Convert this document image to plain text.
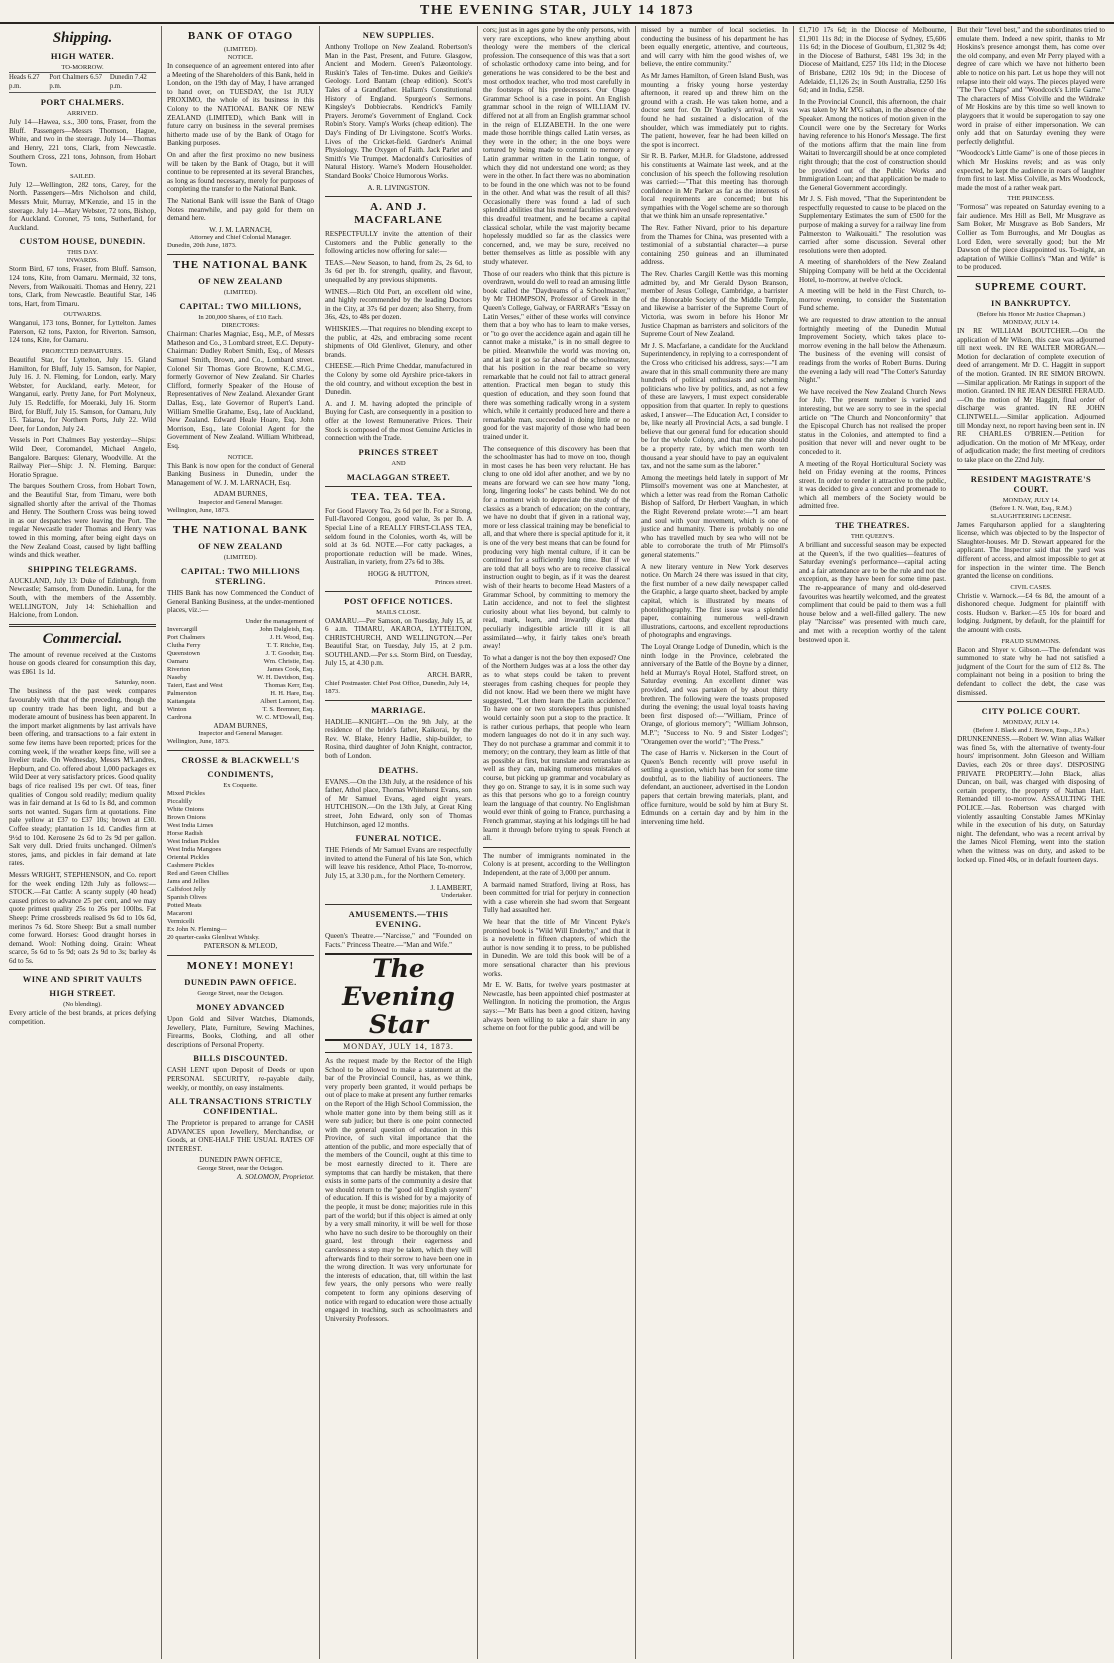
THE EVENING STAR, JULY 14 1873
Shipping.
HIGH WATER.
TO-MORROW.
Heads 6.27 p.m.
Port Chalmers 6.57 p.m.
Dunedin 7.42 p.m.
PORT CHALMERS.
ARRIVED.

July 14—Hawea, s.s., 300 tons, Fraser, from the Bluff. Passengers—Messrs Thomson, Hague, White, and two in the steerage. July 14—Thomas and Henry, 221 tons, Clark, from Newcastle. Southern Cross, 221 tons, Johnson, from Hobart Town.

SAILED.

July 12—Wellington, 282 tons, Carey, for the North. Passengers—Mrs Nicholson and child, Messrs Muir, Murray, M'Kenzie, and 15 in the steerage. July 14—Mary Webster, 72 tons, Bishop, for Auckland. Coronet, 75 tons, Sutherland, for Auckland.

CUSTOM HOUSE, DUNEDIN.
THIS DAY.
INWARDS.

Storm Bird, 67 tons, Fraser, from Bluff. Samson, 124 tons, Kite, from Oamaru. Mermaid, 32 tons, Nevers, from Waikouaiti. Thomas and Henry, 221 tons, Clark, from Newcastle. Beautiful Star, 146 tons, Hart, from Timaru.

OUTWARDS.

Wanganui, 173 tons, Bonner, for Lyttelton. James Paterson, 62 tons, Paxton, for Riverton. Samson, 124 tons, Kite, for Oamaru.

PROJECTED DEPARTURES.

Beautiful Star, for Lyttelton, July 15. Gland Hamilton, for Bluff, July 15. Samson, for Napier, July 16. J. N. Fleming, for London, early. Mary Webster, for Auckland, early. Meteor, for Wanganui, early. Pretty Jane, for Port Molyneux, July 15. Redcliffe, for Moeraki, July 16. Storm Bird, for Bluff, July 15. Samson, for Oamaru, July 15. Taiaroa, for Northern Ports, July 22. Wild Deer, for London, July 24.

Vessels in Port Chalmers Bay yesterday—Ships: Wild Deer, Coromandel, Michael Angelo, Bangalore. Barques: Glenary, Woodville. At the Railway Pier—Ship: J. N. Fleming. Barque: Horatio Sprague.

The barques Southern Cross, from Hobart Town, and the Beautiful Star, from Timaru, were both signalled shortly after the arrival of the Thomas and Henry. The Southern Cross was being towed in as our despatches were leaving the Port. The regular Newcastle trader Thomas and Henry was towed in this morning, after being eight days on the New Zealand Coast, caused by light baffling winds and thick weather.

SHIPPING TELEGRAMS.

AUCKLAND, July 13: Duke of Edinburgh, from Newcastle; Samson, from Dunedin. Luna, for the South, with the members of the Assembly. WELLINGTON, July 14: Schiehallion and Halcione, from London.

Commercial.

The amount of revenue received at the Customs house on goods cleared for consumption this day, was £861 1s 1d.

Saturday, noon.

The business of the past week compares favourably with that of the preceding, though the up country trade has been light, and but a moderate amount of business has been apparent. In the import market alignments by last arrivals have been offering, and transactions to a fair extent in some few items have been reported; prices for the coming week, if the weather keeps fine, will see a livelier trade. On Wednesday, Messrs M'Landres, Hepburn, and Co. offered about 1,000 packages ex Wild Deer at very satisfactory prices. Good quality bags of rice realised 19s per cwt. Of teas, finer qualities of Congou sold readily; medium quality was in fair demand at 1s 6d to 1s 8d, and common sorts not wanted. Sugars firm at quotations. Fine pale yellow at £37 to £37 10s; brown at £30. Coffee steady; plantation 1s 1d. Candles firm at 9½d to 10d. Kerosene 2s 6d to 2s 9d per gallon. Salt very dull. Dried fruits unchanged. Oilmen's stores, jams, and pickles in fair demand at late rates.

Messrs WRIGHT, STEPHENSON, and Co. report for the week ending 12th July as follows:—STOCK.—Fat Cattle: A scanty supply (40 head) caused prices to advance 25 per cent, and we may quote primest quality 25s to 26s per 100lbs. Fat Sheep: Prime crossbreds realised 9s 6d to 10s 6d, merinos 7s 6d. Store Sheep: But a small number come forward. Horses: Good draught horses in demand. Wool: Nothing doing. Grain: Wheat scarce, 5s 6d to 5s 9d; oats 2s 9d to 3s; barley 4s 6d to 5s.

WINE AND SPIRIT VAULTS
HIGH STREET.
(No blending).

Every article of the best brands, at prices defying competition.

BANK OF OTAGO
(LIMITED).
NOTICE.

In consequence of an agreement entered into after a Meeting of the Shareholders of this Bank, held in London, on the 19th day of May, I have arranged to hand over, on TUESDAY, the 1st JULY PROXIMO, the whole of its business in this Colony to the NATIONAL BANK OF NEW ZEALAND (LIMITED), which Bank will in future carry on business in the several premises hitherto made use of by the Bank of Otago for Banking purposes.

On and after the first proximo no new business will be taken by the Bank of Otago, but it will continue to be represented at its several Branches, as long as found necessary, merely for purposes of completing the transfer to the National Bank.

The National Bank will issue the Bank of Otago Notes meanwhile, and pay gold for them on demand here.

W. J. M. LARNACH,
Attorney and Chief Colonial Manager.
Dunedin, 20th June, 1873.
THE NATIONAL BANK
OF NEW ZEALAND
(LIMITED).
CAPITAL: TWO MILLIONS,
In 200,000 Shares, of £10 Each.
DIRECTORS:

Chairman: Charles Magniac, Esq., M.P., of Messrs Matheson and Co., 3 Lombard street, E.C. Deputy-Chairman: Dudley Robert Smith, Esq., of Messrs Samuel Smith, Brown, and Co., Lombard street. Colonel Sir Thomas Gore Browne, K.C.M.G., formerly Governor of New Zealand. Sir Charles Clifford, formerly Speaker of the House of Representatives of New Zealand. Alexander Grant Dallas, Esq., late Governor of Rupert's Land. William Smellie Grahame, Esq., late of Auckland, New Zealand. Edward Heale Hoare, Esq. John Morrison, Esq., late Colonial Agent for the Government of New Zealand. William Whitbread, Esq.

NOTICE.

This Bank is now open for the conduct of General Banking Business in Dunedin, under the Management of W. J. M. LARNACH, Esq.

ADAM BURNES,
Inspector and General Manager.
Wellington, June, 1873.
THE NATIONAL BANK
OF NEW ZEALAND
(LIMITED).
CAPITAL: TWO MILLIONS STERLING.

THIS Bank has now Commenced the Conduct of General Banking Business, at the under-mentioned places, viz.:—

Under the management of
Invercargill	John Dalgleish, Esq.
Port Chalmers	J. H. Wood, Esq.
Clutha Ferry	T. T. Ritchie, Esq.
Queenstown	J. T. Goodsir, Esq.
Oamaru	Wm. Christie, Esq.
Riverton	James Cook, Esq.
Naseby	W. H. Davidson, Esq.
Taieri, East and West	Thomas Kerr, Esq.
Palmerston	H. H. Hare, Esq.
Kaitangata	Albert Lamont, Esq.
Winton	T. S. Bremner, Esq.
Cardrona	W. C. M'Dowall, Esq.
ADAM BURNES,
Inspector and General Manager.
Wellington, June, 1873.
CROSSE & BLACKWELL'S
CONDIMENTS,
Ex Coquette.
Mixed Pickles
Piccalilly
White Onions
Brown Onions
West India Limes
Horse Radish
West Indian Pickles
West India Mangoes
Oriental Pickles
Cashmere Pickles
Red and Green Chillies
Jams and Jellies
Calfsfoot Jelly
Spanish Olives
Potted Meats
Macaroni
Vermicelli
Ex John N. Fleming—
20 quarter-casks Glenlivat Whisky.
PATERSON & M'LEOD,
MONEY! MONEY!
DUNEDIN PAWN OFFICE.
George Street, near the Octagon.
MONEY ADVANCED

Upon Gold and Silver Watches, Diamonds, Jewellery, Plate, Furniture, Sewing Machines, Firearms, Books, Clothing, and all other descriptions of Personal Property.

BILLS DISCOUNTED.

CASH LENT upon Deposit of Deeds or upon PERSONAL SECURITY, re-payable daily, weekly, or monthly, on easy instalments.

ALL TRANSACTIONS STRICTLY CONFIDENTIAL.

The Proprietor is prepared to arrange for CASH ADVANCES upon Jewellery, Merchandise, or Goods, at ONE-HALF THE USUAL RATES OF INTEREST.

DUNEDIN PAWN OFFICE,
George Street, near the Octagon.
A. SOLOMON, Proprietor.
NEW SUPPLIES.

Anthony Trollope on New Zealand. Robertson's Man in the Past, Present, and Future. Glasgow, Ancient and Modern. Green's Palæontology. Ruskin's Tales of Ten-time. Dukes and Geikie's Geology. Lord Bantam (cheap edition). Scott's Tales of a Grandfather. Hallam's Constitutional History of England. Spurgeon's Sermons. Kingsley's Dobbiecrabs. Kendrick's Family Prayers. Jerome's Government of England. Cock Robin's Story. Vamp's Works (cheap edition). The Day's Finding of Dr Livingstone. Scott's Works. Lives of the Cricket-field. Gardner's Animal Physiology. The Oxygen of Faith. Jack Parlet and Smith's Vie Trumpet. Macdonald's Curiosities of Natural History. Warne's Modern Householder. Standard Books' Choice Humorous Works.

A. R. LIVINGSTON.
A. AND J. MACFARLANE

RESPECTFULLY invite the attention of their Customers and the Public generally to the following articles now offering for sale:—

TEAS.—New Season, to hand, from 2s, 2s 6d, to 3s 6d per lb. for strength, quality, and flavour, unequalled by any previous shipments.

WINES.—Rich Old Port, an excellent old wine, and highly recommended by the leading Doctors in the City, at 37s 6d per dozen; also Sherry, from 36s, 42s, to 48s per dozen.

WHISKIES.—That requires no blending except to the public, at 42s, and embracing some recent shipments of Old Glenlivet, Glenury, and other brands.

CHEESE.—Rich Prime Cheddar, manufactured in the Colony by some old Ayrshire price-takers in the old country, and without exception the best in Dunedin.

A. and J. M. having adopted the principle of Buying for Cash, are consequently in a position to offer at the lowest Remunerative Prices. Their Stock is composed of the most Genuine Articles in connection with the Trade.

PRINCES STREET
AND
MACLAGGAN STREET.
TEA. TEA. TEA.

For Good Flavory Tea, 2s 6d per lb. For a Strong, Full-flavored Congou, good value, 3s per lb. A Special Line of a REALLY FIRST-CLASS TEA, seldom found in the Colonies, worth 4s, will be sold at 3s 6d. NOTE.—For catty packages, a proportionate reduction will be made. Wines, Australian, in variety, from 27s 6d to 38s.

HOGG & HUTTON,
Princes street.
POST OFFICE NOTICES.
MAILS CLOSE.

OAMARU.—Per Samson, on Tuesday, July 15, at 6 a.m. TIMARU, AKAROA, LYTTELTON, CHRISTCHURCH, AND WELLINGTON.—Per Beautiful Star, on Tuesday, July 15, at 2 p.m. SOUTHLAND.—Per s.s. Storm Bird, on Tuesday, July 15, at 4.30 p.m.

ARCH. BARR,
Chief Postmaster. Chief Post Office, Dunedin, July 14, 1873.
MARRIAGE.

HADLIE—KNIGHT.—On the 9th July, at the residence of the bride's father, Kaikorai, by the Rev. W. Blake, Henry Hadlie, ship-builder, to Rosina, third daughter of John Knight, contractor, both of London.

DEATHS.

EVANS.—On the 13th July, at the residence of his father, Athol place, Thomas Whitehurst Evans, son of Mr Samuel Evans, aged eight years. HUTCHISON.—On the 13th July, at Great King street, John Edward, only son of Thomas Hutchinson, aged 12 months.

FUNERAL NOTICE.

THE Friends of Mr Samuel Evans are respectfully invited to attend the Funeral of his late Son, which will leave his residence, Athol Place, To-morrow, July 15, at 3.30 p.m., for the Northern Cemetery.

J. LAMBERT,
Undertaker.
AMUSEMENTS.—THIS EVENING.

Queen's Theatre.—"Narcisse," and "Founded on Facts." Princess Theatre.—"Man and Wife."

The Evening Star
MONDAY, JULY 14, 1873.

As the request made by the Rector of the High School to be allowed to make a statement at the bar of the Provincial Council, has, as we think, very properly been granted, it would perhaps be out of place to make at present any further remarks on the Report of the High School Commission, the whole matter gone into by them being still as it were sub judice; but there is one point connected with the general question of education in this Province, of such vital importance that the attention of the public, and more especially that of the members of the Council, ought at this time to be most earnestly directed to it. There are symptoms that can hardly be mistaken, that there exists in some parts of the community a desire that we should return to the "good old English system" of education. If this is wished for by a majority of the people, it must be done; majorities rule in this part of the world; but if this object is aimed at only by a very small minority, it will be well for those who have no such desire to be thoroughly on their guard, lest through their eagerness and carelessness a step may be taken, which they will afterwards find to their sorrow to have been one in the wrong direction. It was very unfortunate for the interests of education, that, till within the last few years, the only persons who were really competent to form any opinions deserving of notice with regard to education were those actually engaged in teaching, such as schoolmasters and University Professors.

cors; just as in ages gone by the only persons, with very rare exceptions, who knew anything about theology were the members of the clerical profession. The consequence of this was that a sort of scholastic orthodoxy came into being, and for generations he was considered to be the best and most orthodox teacher, who trod most carefully in the footsteps of his predecessors. Our Otago Grammar School is a case in point. An English grammar school in the reign of WILLIAM IV. differed not at all from an English grammar school in the reign of ELIZABETH. In the one were made those horrible things called Latin verses, as they were in the other; in the one boys were tortured by being made to commit to memory a Latin grammar written in the Latin tongue, of which they did not understand one word; as they were in the other. In fact there was no abomination to be found in the one which was not to be found in the other. And what was the result of all this? Occasionally there was found a lad of such splendid abilities that his mental faculties survived this dreadful treatment, and he became a capital classical scholar, while the vast majority became hopelessly muddled so far as the classics were concerned, and, we may be sure, received no better themselves as little as possible with any study whatever.

Those of our readers who think that this picture is overdrawn, would do well to read an amusing little book called the "Daydreams of a Schoolmaster," by Mr THOMPSON, Professor of Greek in the Queen's College, Galway, or FARRAR's "Essay on Latin Verses," either of these works will convince them that a boy who has to learn to make verses, or "to go over the accidence again and again till he cannot make a mistake," is in no small degree to be pitied. Meanwhile the world was moving on, and at last it got so far ahead of the schoolmaster, that his position in the rear became so very remarkable that he could not fail to attract general attention. Practical men began to study this question of education, and they soon found that there was something radically wrong in a system which, while it certainly produced here and there a remarkable man, succeeded in doing little or no good for the vast majority of those who had been trained under it.

The consequence of this discovery has been that the schoolmaster has had to move on too, though in most cases he has been very reluctant. He has clung to one old idol after another, and we by no means are forward we can see how many "long, long, lingering looks" he casts behind. We do not for a moment wish to depreciate the study of the classics as a branch of education; on the contrary, we have no doubt that if given in a rational way, more or less classical training may be beneficial to all, and that where there is special aptitude for it, it is one of the very best means that can be found for producing very high mental culture, if it can be continued for a sufficiently long time. But if we are told that all boys who are to receive classical instruction ought to begin, as if it was the dearest wish of their hearts to become Head Masters of a Grammar School, by committing to memory the Latin accidence, and not to feel the slightest curiosity about what lies beyond, but calmly to read, mark, learn, and inwardly digest that peculiarly indigestible article till it is all assimilated—why, it fairly takes one's breath away!

To what a danger is not the boy then exposed? One of the Northern Judges was at a loss the other day as to what steps could be taken to prevent steerages from cashing cheques for people they did not know. Had we been there we might have suggested, "Let them learn the Latin accidence." To have one or two storekeepers thus punished would certainly soon put a stop to the practice. It is rather curious perhaps, that people who learn modern languages do not do it in any such way. They do not purchase a grammar and commit it to memory; on the contrary, they learn as little of that as possible at first, but translate and retranslate as well as they can, making numerous mistakes of course, but picking up grammar and vocabulary as they go on. Strange to say, it is in some such way as this that persons who go to a foreign country learn the language of that country. No Englishman would ever think of going to France, purchasing a French grammar, staying at his lodgings till he had learnt it through before trying to speak French at all.

The number of immigrants nominated in the Colony is at present, according to the Wellington Independent, at the rate of 3,000 per annum.

A barmaid named Stratford, living at Ross, has been committed for trial for perjury in connection with a case wherein she had sworn that Sergeant Tully had assaulted her.

We hear that the title of Mr Vincent Pyke's promised book is "Wild Will Enderby," and that it is a novelette in fifteen chapters, of which the author is now sending it to press, to be published in Dunedin. We are told this book will be of a more sensational character than his previous works.

Mr E. W. Batts, for twelve years postmaster at Newcastle, has been appointed chief postmaster at Wellington. In noticing the promotion, the Argus says:—"Mr Batts has been a good citizen, having always been willing to take a fair share in any scheme on foot for the public good, and will be

missed by a number of local societies. In conducting the business of his department he has been equally energetic, attentive, and courteous, and will carry with him the good wishes of, we believe, the entire community."

As Mr James Hamilton, of Green Island Bush, was mounting a frisky young horse yesterday afternoon, it reared up and threw him on the ground with a crash. He was taken home, and a doctor sent for. On Dr Yeatley's arrival, it was found he had sustained a dislocation of the shoulder, which was immediately put to rights. The patient, however, fear he had been killed on the spot is incorrect.

Sir R. B. Parker, M.H.R. for Gladstone, addressed his constituents at Waimate last week, and at the conclusion of his speech the following resolution was carried:—"That this meeting has thorough confidence in Mr Parker as far as the interests of local requirements are concerned; but his sympathies with the Vogel scheme are so thorough that we think him an unsafe representative."

The Rev. Father Nivard, prior to his departure from the Thames for China, was presented with a testimonial of a substantial character—a purse containing 250 guineas and an illuminated address.

The Rev. Charles Cargill Kettle was this morning admitted by, and Mr Gerald Dyson Branson, member of Jesus College, Cambridge, a barrister of the Honorable Society of the Middle Temple, and likewise a barrister of the Supreme Court of Victoria, was sworn in before his Honor Mr Justice Chapman as barristers and solicitors of the Supreme Court of New Zealand.

Mr J. S. Macfarlane, a candidate for the Auckland Superintendency, in replying to a correspondent of the Cross who criticised his address, says:—"I am aware that in this small community there are many hundreds of political enthusiasts and scheming politicians who live by politics, and, as not a few of these are lawyers, I must expect considerable opposition from that quarter. In reply to questions asked, I answer—The Education Act, I consider to be, like nearly all Provincial Acts, a sad bungle. I believe that our general fund for education should be for the whole Colony, and that the rate should be a property rate, by which men worth ten thousand a year should have to pay an equivalent tax, and not the same sum as the laborer."

Among the meetings held lately in support of Mr Plimsoll's movement was one at Manchester, at which a letter was read from the Roman Catholic Bishop of Salford, Dr Herbert Vaughan, in which the Right Reverend prelate wrote:—"I am heart and soul with your movement, which is one of justice and humanity. There is probably no one who has travelled much by sea who will not be able to corroborate the truth of Mr Plimsoll's general statements."

A new literary venture in New York deserves notice. On March 24 there was issued in that city, the first number of a new daily newspaper called the Graphic, a large quarto sheet, backed by ample capital, which is illustrated by means of photolithography. The first issue was a splendid paper, containing numerous well-drawn illustrations, cartoons, and excellent reproductions of photographs and engravings.

The Loyal Orange Lodge of Dunedin, which is the ninth lodge in the Province, celebrated the anniversary of the Battle of the Boyne by a dinner, held at Murray's Royal Hotel, Stafford street, on Saturday evening. An excellent dinner was provided, and was partaken of by about thirty brethren. The following were the toasts proposed during the evening; the usual loyal toasts having been first disposed of:—"William, Prince of Orange, of glorious memory"; "William Johnson, M.P."; "Success to No. 9 and Sister Lodges"; "Orangemen over the world"; "The Press."

The case of Harris v. Nickersen in the Court of Queen's Bench recently will prove useful in settling a question, which has been for some time doubtful, as to the liability of auctioneers. The defendant, an auctioneer, advertised in the London papers that certain brewing materials, plant, and office furniture, would be sold by him at Bury St. Edmunds on a certain day and by him in the intervening time held.

£1,710 17s 6d; in the Diocese of Melbourne, £1,901 11s 8d; in the Diocese of Sydney, £5,606 11s 6d; in the Diocese of Goulburn, £1,302 9s 4d; in the Diocese of Bathurst, £481 19s 3d; in the Diocese of Maitland, £257 10s 11d; in the Diocese of Brisbane, £202 10s 9d; in the Diocese of Adelaide, £1,126 2s; in South Australia, £250 16s 6d; and in India, £258.

In the Provincial Council, this afternoon, the chair was taken by Mr M'G sahan, in the absence of the Speaker. Among the notices of motion given in the Council were one by the Secretary for Works having reference to his Honor's Message. The first of the motions affirm that the main line from Waitati to Invercargill should be at once completed right through; that the cost of construction should be provided out of the Public Works and Immigration Loan; and that application be made to the General Government accordingly.

Mr J. S. Fish moved, "That the Superintendent be respectfully requested to cause to be placed on the Supplementary Estimates the sum of £500 for the purpose of making a survey for a railway line from Palmerston to Waikouaiti." The resolution was carried after some discussion. Several other resolutions were then adopted.

A meeting of shareholders of the New Zealand Shipping Company will be held at the Occidental Hotel, to-morrow, at twelve o'clock.

A meeting will be held in the First Church, to-morrow evening, to consider the Sustentation Fund scheme.

We are requested to draw attention to the annual fortnightly meeting of the Dunedin Mutual Improvement Society, which takes place to-morrow evening in the hall below the Athenæum. The business of the evening will consist of readings from the works of Robert Burns. During the evening a lady will read "The Cotter's Saturday Night."

We have received the New Zealand Church News for July. The present number is varied and interesting, but we are sorry to see in the special article on "The Church and Nonconformity" that the Episcopal Church has not realised the proper status in the Colonies, and attempted to find a position that never will and never ought to be conceded to it.

A meeting of the Royal Horticultural Society was held on Friday evening at the rooms, Princes street. In order to render it attractive to the public, it was decided to give a concert and promenade to which all members of the Society would be admitted free.

THE THEATRES.
THE QUEEN'S.

A brilliant and successful season may be expected at the Queen's, if the two qualities—features of Saturday evening's performance—capital acting and a fair attendance are to be the rule and not the exception, as they have been for some time past. The re-appearance of many and old-deserved favourites was heartily welcomed, and the greatest compliment that could be paid to them was a full house below and a well-filled gallery. The new play "Narcisse" was presented with much care, and met with a reception worthy of the talent bestowed upon it.

But their "level best," and the subordinates tried to emulate them. Indeed a new spirit, thanks to Mr Hoskins's presence amongst them, has come over the old company, and even Mr Perry played with a degree of care which we have not hitherto been able to notice on his part. Let us hope they will not relapse into their old ways. The pieces played were "The Two Chaps" and "Woodcock's Little Game." The characters of Miss Colville and the Wildrake of Mr Hoskins are by this time so well known to playgoers that it would be superogation to say one word in praise of either impersonation. We can only add that on Saturday evening they were perfectly delightful.

"Woodcock's Little Game" is one of those pieces in which Mr Hoskins revels; and as was only expected, he kept the audience in roars of laughter from first to last. Miss Colville, as Mrs Woodcock, made the most of a rather weak part.

THE PRINCESS.

"Formosa" was repeated on Saturday evening to a fair audience. Mrs Hill as Bell, Mr Musgrave as Sam Boker, Mr Musgrave as Bob Sanders, Mr Collier as Tom Burroughs, and Mr Douglas as Lord Eden, were severally good; but the Mr Dawson of the piece disappointed us. To-night, an adaptation of Wilkie Collins's "Man and Wife" is to be produced.

SUPREME COURT.
IN BANKRUPTCY.
(Before his Honor Mr Justice Chapman.)
MONDAY, JULY 14.

IN RE WILLIAM BOUTCHER.—On the application of Mr Wilson, this case was adjourned till next week. IN RE WALTER MORGAN.—Motion for declaration of complete execution of deed of arrangement. Mr D. C. Haggitt in support of the motion. Granted. IN RE SIMON BROWN.—Similar application. Mr Ratings in support of the motion. Granted. IN RE JEAN DESIRE FERAUD.—On the motion of Mr Haggitt, final order of discharge was granted. IN RE JOHN CLINTWELL.—Similar application. Adjourned till Monday next, no report having been sent in. IN RE CHARLES O'BRIEN.—Petition for adjudication. On the motion of Mr M'Keay, order of adjudication made; the first meeting of creditors to take place on the 22nd July.

RESIDENT MAGISTRATE'S COURT.
MONDAY, JULY 14.
(Before I. N. Watt, Esq., R.M.)
SLAUGHTERING LICENSE.

James Farquharson applied for a slaughtering license, which was objected to by the Inspector of Slaughter-houses. Mr D. Stewart appeared for the applicant. The Inspector said that the yard was different of access, and almost impossible to get at for inspection in the winter time. The Bench granted the license on conditions.

CIVIL CASES.

Christie v. Warnock.—£4 6s 8d, the amount of a dishonored cheque. Judgment for plaintiff with costs. Hudson v. Barker.—£5 10s for board and lodging. Judgment, by default, for the plaintiff for the amount with costs.

FRAUD SUMMONS.

Bacon and Shyer v. Gibson.—The defendant was summoned to state why he had not satisfied a judgment of the Court for the sum of £12 8s. The complainant not being in a position to bring the defendant to collect the debt, the case was dismissed.

CITY POLICE COURT.
MONDAY, JULY 14.
(Before J. Black and J. Brown, Esqs., J.P.s.)

DRUNKENNESS.—Robert W. Winn alias Walker was fined 5s, with the alternative of twenty-four hours' imprisonment. John Gleeson and William Davies, each 20s or three days'. DISPOSING PRIVATE PROPERTY.—John Black, alias Duncan, on bail, was charged with disposing of certain property, the property of Nathan Hart. Remanded till to-morrow. ASSAULTING THE POLICE.—Jas. Robertson was charged with violently assaulting Constable James M'Kinlay while in the execution of his duty, on Saturday night. The defendant, who was a recent arrival by the James Nicol Fleming, went into the station when the witness was on duty, and asked to be locked up. Fined 40s, or in default fourteen days.
